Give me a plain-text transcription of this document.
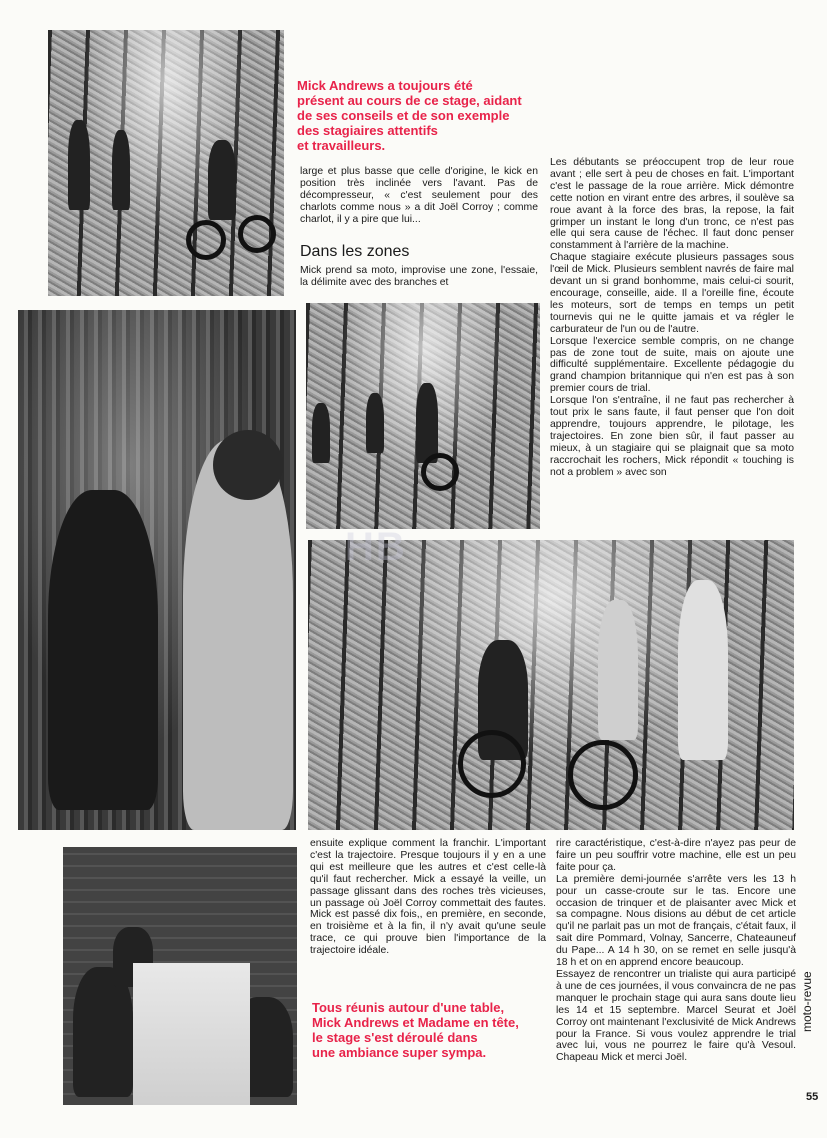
HB
Mick Andrews a toujours été
présent au cours de ce stage, aidant
de ses conseils et de son exemple
des stagiaires attentifs
et travailleurs.
Tous réunis autour d'une table,
Mick Andrews et Madame en tête,
le stage s'est déroulé dans
une ambiance super sympa.

large et plus basse que celle d'origine, le kick en position très inclinée vers l'avant. Pas de décompresseur, « c'est seulement pour des charlots comme nous » a dit Joël Corroy ; comme charlot, il y a pire que lui...

Dans les zones

Mick prend sa moto, improvise une zone, l'essaie, la délimite avec des branches et

Les débutants se préoccupent trop de leur roue avant ; elle sert à peu de choses en fait. L'important c'est le passage de la roue arrière. Mick démontre cette notion en virant entre des arbres, il soulève sa roue avant à la force des bras, la repose, la fait grimper un instant le long d'un tronc, ce n'est pas elle qui sera cause de l'échec. Il faut donc penser constamment à l'arrière de la machine.

Chaque stagiaire exécute plusieurs passages sous l'œil de Mick. Plusieurs semblent navrés de faire mal devant un si grand bonhomme, mais celui-ci sourit, encourage, conseille, aide. Il a l'oreille fine, écoute les moteurs, sort de temps en temps un petit tournevis qui ne le quitte jamais et va régler le carburateur de l'un ou de l'autre.

Lorsque l'exercice semble compris, on ne change pas de zone tout de suite, mais on ajoute une difficulté supplémentaire. Excellente pédagogie du grand champion britannique qui n'en est pas à son premier cours de trial.

Lorsque l'on s'entraîne, il ne faut pas rechercher à tout prix le sans faute, il faut penser que l'on doit apprendre, toujours apprendre, le pilotage, les trajectoires. En zone bien sûr, il faut passer au mieux, à un stagiaire qui se plaignait que sa moto raccrochait les rochers, Mick répondit « touching is not a problem » avec son

ensuite explique comment la franchir. L'important c'est la trajectoire. Presque toujours il y en a une qui est meilleure que les autres et c'est celle-là qu'il faut rechercher. Mick a essayé la veille, un passage glissant dans des roches très vicieuses, un passage où Joël Corroy commettait des fautes. Mick est passé dix fois,, en première, en seconde, en troisième et à la fin, il n'y avait qu'une seule trace, ce qui prouve bien l'importance de la trajectoire idéale.

rire caractéristique, c'est-à-dire n'ayez pas peur de faire un peu souffrir votre machine, elle est un peu faite pour ça.

La première demi-journée s'arrête vers les 13 h pour un casse-croute sur le tas. Encore une occasion de trinquer et de plaisanter avec Mick et sa compagne. Nous disions au début de cet article qu'il ne parlait pas un mot de français, c'était faux, il sait dire Pommard, Volnay, Sancerre, Chateauneuf du Pape... A 14 h 30, on se remet en selle jusqu'à 18 h et on en apprend encore beaucoup.

Essayez de rencontrer un trialiste qui aura participé à une de ces journées, il vous convaincra de ne pas manquer le prochain stage qui aura sans doute lieu les 14 et 15 septembre. Marcel Seurat et Joël Corroy ont maintenant l'exclusivité de Mick Andrews pour la France. Si vous voulez apprendre le trial avec lui, vous ne pourrez le faire qu'à Vesoul. Chapeau Mick et merci Joël.

moto-revue
55
